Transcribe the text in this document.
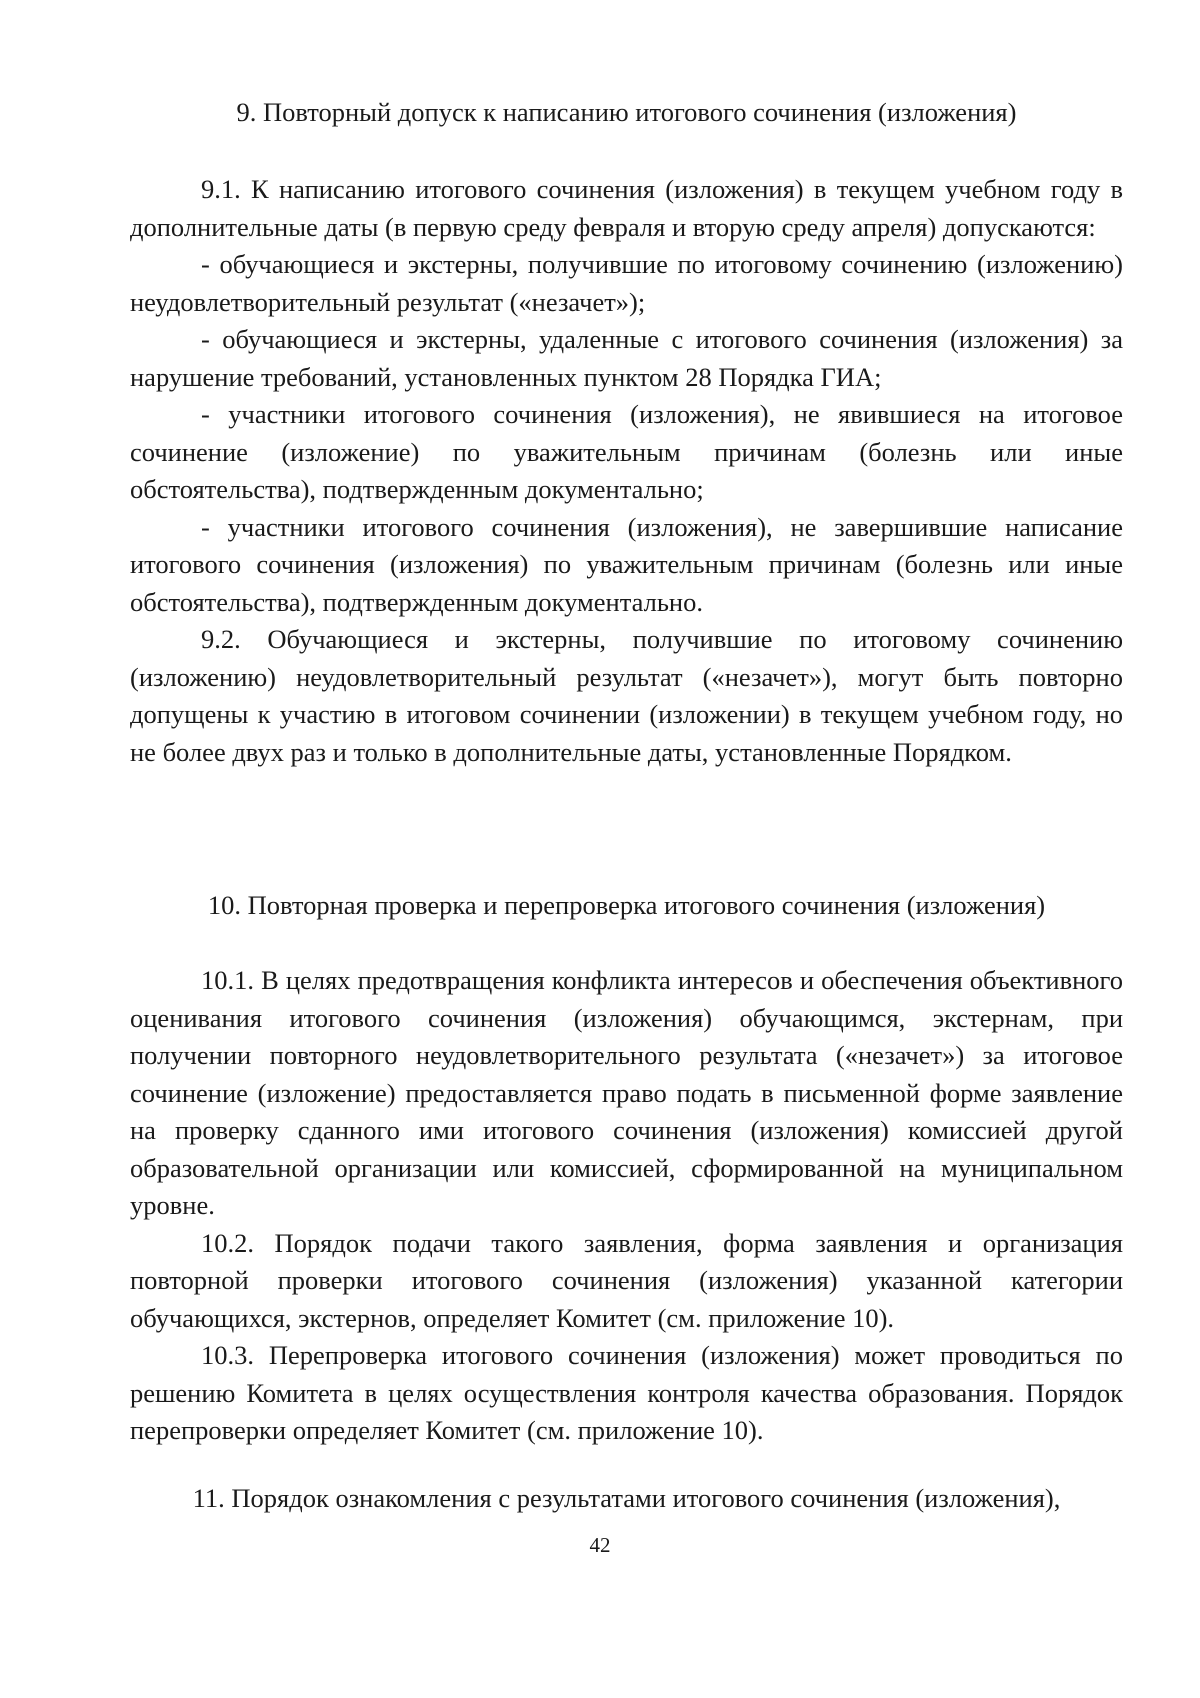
9. Повторный допуск к написанию итогового сочинения (изложения)

9.1. К написанию итогового сочинения (изложения) в текущем учебном году в дополнительные даты (в первую среду февраля и вторую среду апреля) допускаются:

- обучающиеся и экстерны, получившие по итоговому сочинению (изложению) неудовлетворительный результат («незачет»);

- обучающиеся и экстерны, удаленные с итогового сочинения (изложения) за нарушение требований, установленных пунктом 28 Порядка ГИА;

- участники итогового сочинения (изложения), не явившиеся на итоговое сочинение (изложение) по уважительным причинам (болезнь или иные обстоятельства), подтвержденным документально;

- участники итогового сочинения (изложения), не завершившие написание итогового сочинения (изложения) по уважительным причинам (болезнь или иные обстоятельства), подтвержденным документально.

9.2. Обучающиеся и экстерны, получившие по итоговому сочинению (изложению) неудовлетворительный результат («незачет»), могут быть повторно допущены к участию в итоговом сочинении (изложении) в текущем учебном году, но не более двух раз и только в дополнительные даты, установленные Порядком.

10. Повторная проверка и перепроверка итогового сочинения (изложения)

10.1. В целях предотвращения конфликта интересов и обеспечения объективного оценивания итогового сочинения (изложения) обучающимся, экстернам, при получении повторного неудовлетворительного результата («незачет») за итоговое сочинение (изложение) предоставляется право подать в письменной форме заявление на проверку сданного ими итогового сочинения (изложения) комиссией другой образовательной организации или комиссией, сформированной на муниципальном уровне.

10.2. Порядок подачи такого заявления, форма заявления и организация повторной проверки итогового сочинения (изложения) указанной категории обучающихся, экстернов, определяет Комитет (см. приложение 10).

10.3. Перепроверка итогового сочинения (изложения) может проводиться по решению Комитета в целях осуществления контроля качества образования. Порядок перепроверки определяет Комитет (см. приложение 10).

11. Порядок ознакомления с результатами итогового сочинения (изложения),

42
